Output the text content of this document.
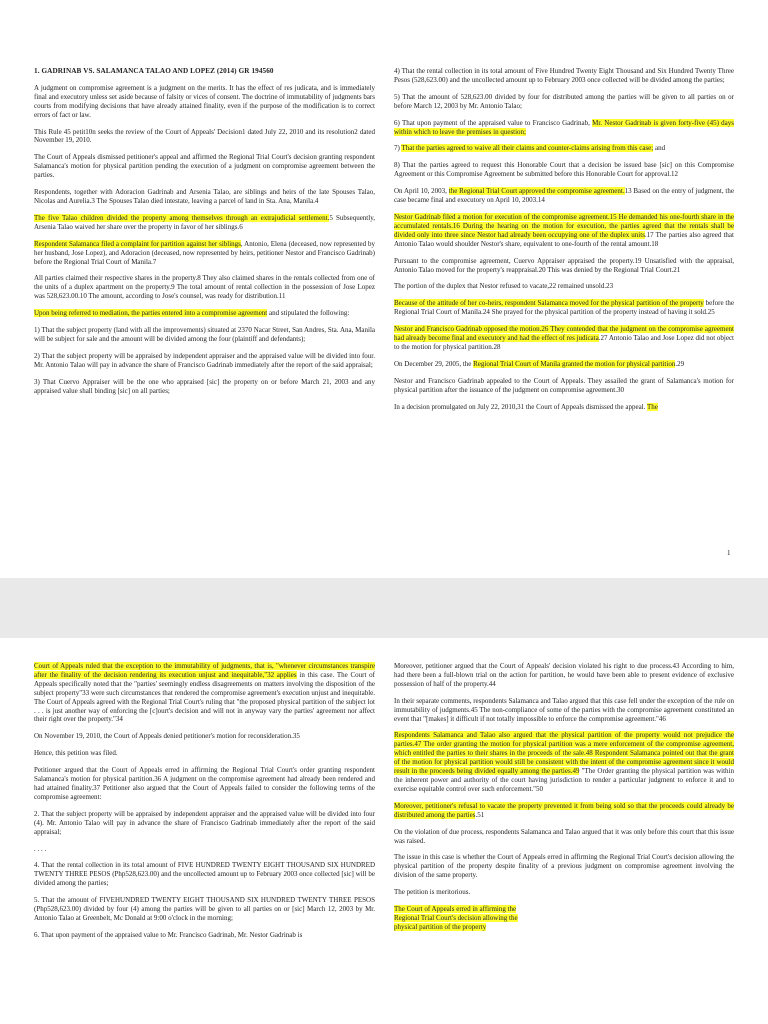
1

1. GADRINAB VS. SALAMANCA TALAO AND LOPEZ (2014) GR 194560

A judgment on compromise agreement is a judgment on the merits. It has the effect of res judicata, and is immediately final and executory unless set aside because of falsity or vices of consent. The doctrine of immutability of judgments bars courts from modifying decisions that have already attained finality, even if the purpose of the modification is to correct errors of fact or law.

This Rule 45 petit10n seeks the review of the Court of Appeals' Decision1 dated July 22, 2010 and its resolution2 dated November 19, 2010.

The Court of Appeals dismissed petitioner's appeal and affirmed the Regional Trial Court's decision granting respondent Salamanca's motion for physical partition pending the execution of a judgment on compromise agreement between the parties.

Respondents, together with Adoracion Gadrinab and Arsenia Talao, are siblings and heirs of the late Spouses Talao, Nicolas and Aurelia.3 The Spouses Talao died intestate, leaving a parcel of land in Sta. Ana, Manila.4

The five Talao children divided the property among themselves through an extrajudicial settlement.5 Subsequently, Arsenia Talao waived her share over the property in favor of her siblings.6

Respondent Salamanca filed a complaint for partition against her siblings, Antonio, Elena (deceased, now represented by her husband, Jose Lopez), and Adoracion (deceased, now represented by heirs, petitioner Nestor and Francisco Gadrinab) before the Regional Trial Court of Manila.7

All parties claimed their respective shares in the property.8 They also claimed shares in the rentals collected from one of the units of a duplex apartment on the property.9 The total amount of rental collection in the possession of Jose Lopez was 528,623.00.10 The amount, according to Jose's counsel, was ready for distribution.11

Upon being referred to mediation, the parties entered into a compromise agreement and stipulated the following:

1) That the subject property (land with all the improvements) situated at 2370 Nacar Street, San Andres, Sta. Ana, Manila will be subject for sale and the amount will be divided among the four (plaintiff and defendants);

2) That the subject property will be appraised by independent appraiser and the appraised value will be divided into four. Mr. Antonio Talao will pay in advance the share of Francisco Gadrinab immediately after the report of the said appraisal;

3) That Cuervo Appraiser will be the one who appraised [sic] the property on or before March 21, 2003 and any appraised value shall binding [sic] on all parties;

4) That the rental collection in its total amount of Five Hundred Twenty Eight Thousand and Six Hundred Twenty Three Pesos (528,623.00) and the uncollected amount up to February 2003 once collected will be divided among the parties;

5) That the amount of 528,623.00 divided by four for distributed among the parties will be given to all parties on or before March 12, 2003 by Mr. Antonio Talao;

6) That upon payment of the appraised value to Francisco Gadrinab, Mr. Nestor Gadrinab is given forty-five (45) days within which to leave the premises in question;

7) That the parties agreed to waive all their claims and counter-claims arising from this case; and

8) That the parties agreed to request this Honorable Court that a decision be issued base [sic] on this Compromise Agreement or this Compromise Agreement be submitted before this Honorable Court for approval.12

On April 10, 2003, the Regional Trial Court approved the compromise agreement.13 Based on the entry of judgment, the case became final and executory on April 10, 2003.14

Nestor Gadrinab filed a motion for execution of the compromise agreement.15 He demanded his one-fourth share in the accumulated rentals.16 During the hearing on the motion for execution, the parties agreed that the rentals shall be divided only into three since Nestor had already been occupying one of the duplex units.17 The parties also agreed that Antonio Talao would shoulder Nestor's share, equivalent to one-fourth of the rental amount.18

Pursuant to the compromise agreement, Cuervo Appraiser appraised the property.19 Unsatisfied with the appraisal, Antonio Talao moved for the property's reappraisal.20 This was denied by the Regional Trial Court.21

The portion of the duplex that Nestor refused to vacate,22 remained unsold.23

Because of the attitude of her co-heirs, respondent Salamanca moved for the physical partition of the property before the Regional Trial Court of Manila.24 She prayed for the physical partition of the property instead of having it sold.25

Nestor and Francisco Gadrinab opposed the motion.26 They contended that the judgment on the compromise agreement had already become final and executory and had the effect of res judicata.27 Antonio Talao and Jose Lopez did not object to the motion for physical partition.28

On December 29, 2005, the Regional Trial Court of Manila granted the motion for physical partition.29

Nestor and Francisco Gadrinab appealed to the Court of Appeals. They assailed the grant of Salamanca's motion for physical partition after the issuance of the judgment on compromise agreement.30

In a decision promulgated on July 22, 2010,31 the Court of Appeals dismissed the appeal. The

Court of Appeals ruled that the exception to the immutability of judgments, that is, "whenever circumstances transpire after the finality of the decision rendering its execution unjust and inequitable,"32 applies in this case. The Court of Appeals specifically noted that the "parties' seemingly endless disagreements on matters involving the disposition of the subject property"33 were such circumstances that rendered the compromise agreement's execution unjust and inequitable. The Court of Appeals agreed with the Regional Trial Court's ruling that "the proposed physical partition of the subject lot . . . is just another way of enforcing the [c]ourt's decision and will not in anyway vary the parties' agreement nor affect their right over the property."34

On November 19, 2010, the Court of Appeals denied petitioner's motion for reconsideration.35

Hence, this petition was filed.

Petitioner argued that the Court of Appeals erred in affirming the Regional Trial Court's order granting respondent Salamanca's motion for physical partition.36 A judgment on the compromise agreement had already been rendered and had attained finality.37 Petitioner also argued that the Court of Appeals failed to consider the following terms of the compromise agreement:

2. That the subject property will be appraised by independent appraiser and the appraised value will be divided into four (4). Mr. Antonio Talao will pay in advance the share of Francisco Gadrinab immediately after the report of the said appraisal;

. . . .

4. That the rental collection in its total amount of FIVE HUNDRED TWENTY EIGHT THOUSAND SIX HUNDRED TWENTY THREE PESOS (Php528,623.00) and the uncollected amount up to February 2003 once collected [sic] will be divided among the parties;

5. That the amount of FIVEHUNDRED TWENTY EIGHT THOUSAND SIX HUNDRED TWENTY THREE PESOS (Php528,623.00) divided by four (4) among the parties will be given to all parties on or [sic] March 12, 2003 by Mr. Antonio Talao at Greenbelt, Mc Donald at 9:00 o'clock in the morning;

6. That upon payment of the appraised value to Mr. Francisco Gadrinab, Mr. Nestor Gadrinab is

Moreover, petitioner argued that the Court of Appeals' decision violated his right to due process.43 According to him, had there been a full-blown trial on the action for partition, he would have been able to present evidence of exclusive possession of half of the property.44

In their separate comments, respondents Salamanca and Talao argued that this case fell under the exception of the rule on immutability of judgments.45 The non-compliance of some of the parties with the compromise agreement constituted an event that "[makes] it difficult if not totally impossible to enforce the compromise agreement."46

Respondents Salamanca and Talao also argued that the physical partition of the property would not prejudice the parties.47 The order granting the motion for physical partition was a mere enforcement of the compromise agreement, which entitled the parties to their shares in the proceeds of the sale.48 Respondent Salamanca pointed out that the grant of the motion for physical partition would still be consistent with the intent of the compromise agreement since it would result in the proceeds being divided equally among the parties.49 "The Order granting the physical partition was within the inherent power and authority of the court having jurisdiction to render a particular judgment to enforce it and to exercise equitable control over such enforcement."50

Moreover, petitioner's refusal to vacate the property prevented it from being sold so that the proceeds could already be distributed among the parties.51

On the violation of due process, respondents Salamanca and Talao argued that it was only before this court that this issue was raised.

The issue in this case is whether the Court of Appeals erred in affirming the Regional Trial Court's decision allowing the physical partition of the property despite finality of a previous judgment on compromise agreement involving the division of the same property.

The petition is meritorious.

The Court of Appeals erred in affirming the Regional Trial Court's decision allowing the physical partition of the property
